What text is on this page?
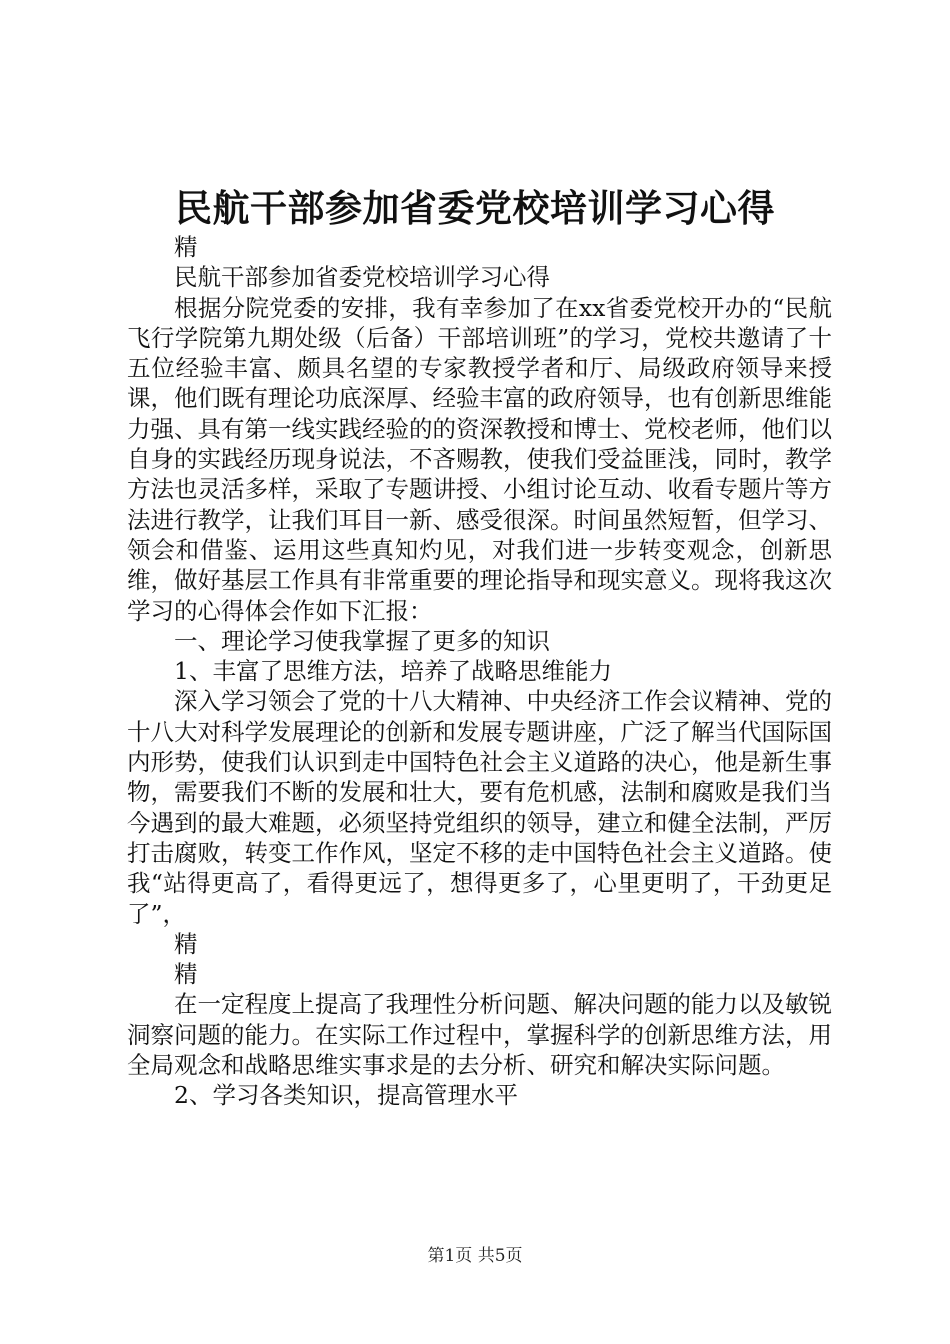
民航干部参加省委党校培训学习心得

精

民航干部参加省委党校培训学习心得

根据分院党委的安排，我有幸参加了在xx省委党校开办的“民航飞行学院第九期处级（后备）干部培训班”的学习，党校共邀请了十五位经验丰富、颇具名望的专家教授学者和厅、局级政府领导来授课，他们既有理论功底深厚、经验丰富的政府领导，也有创新思维能力强、具有第一线实践经验的的资深教授和博士、党校老师，他们以自身的实践经历现身说法，不吝赐教，使我们受益匪浅，同时，教学方法也灵活多样，采取了专题讲授、小组讨论互动、收看专题片等方法进行教学，让我们耳目一新、感受很深。时间虽然短暂，但学习、领会和借鉴、运用这些真知灼见，对我们进一步转变观念，创新思维，做好基层工作具有非常重要的理论指导和现实意义。现将我这次学习的心得体会作如下汇报：

一、理论学习使我掌握了更多的知识

1、丰富了思维方法，培养了战略思维能力

深入学习领会了党的十八大精神、中央经济工作会议精神、党的十八大对科学发展理论的创新和发展专题讲座，广泛了解当代国际国内形势，使我们认识到走中国特色社会主义道路的决心，他是新生事物，需要我们不断的发展和壮大，要有危机感，法制和腐败是我们当今遇到的最大难题，必须坚持党组织的领导，建立和健全法制，严厉打击腐败，转变工作作风，坚定不移的走中国特色社会主义道路。使我“站得更高了，看得更远了，想得更多了，心里更明了，干劲更足了”，

精

精

在一定程度上提高了我理性分析问题、解决问题的能力以及敏锐洞察问题的能力。在实际工作过程中，掌握科学的创新思维方法，用全局观念和战略思维实事求是的去分析、研究和解决实际问题。

2、学习各类知识，提高管理水平

第1页 共5页
